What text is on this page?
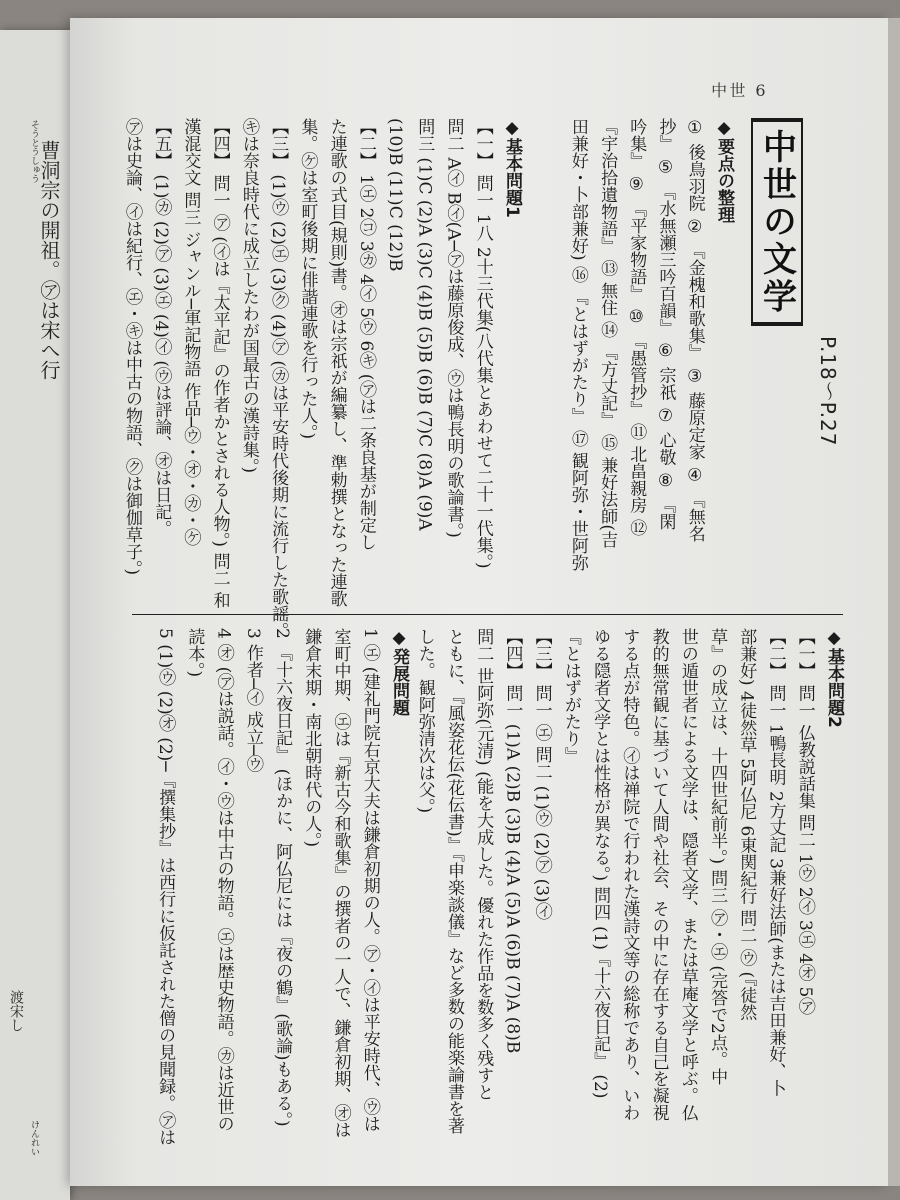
曹洞宗の開祖。㋐は宋へ行
渡宋し
そうとうしゅう
けんれい
中世 6
中世の文学
P.18〜P.27
◆要点の整理
① 後鳥羽院 ② 『金槐和歌集』 ③ 藤原定家 ④ 『無名
抄』 ⑤ 『水無瀬三吟百韻』 ⑥ 宗祇 ⑦ 心敬 ⑧ 『閑
吟集』 ⑨ 『平家物語』 ⑩ 『愚管抄』 ⑪ 北畠親房 ⑫
『宇治拾遺物語』 ⑬ 無住 ⑭ 『方丈記』 ⑮ 兼好法師(吉
田兼好・卜部兼好) ⑯ 『とはずがたり』 ⑰ 観阿弥・世阿弥
◆基本問題1
【一】 問一 1八 2十三代集(八代集とあわせて二十一代集。)
問二 A㋑ B㋑(A─㋐は藤原俊成、㋒は鴨長明の歌論書。)
問三 (1)C (2)A (3)C (4)B (5)B (6)B (7)C (8)A (9)A
(10)B (11)C (12)B
【二】 1㋓ 2㋙ 3㋕ 4㋑ 5㋒ 6㋖ (㋐は二条良基が制定し
た連歌の式目(規則)書。㋔は宗祇が編纂し、準勅撰となった連歌
集。㋘は室町後期に俳諧連歌を行った人。)
【三】 (1)㋒ (2)㋓ (3)㋗ (4)㋐ (㋕は平安時代後期に流行した歌謡。
㋖は奈良時代に成立したわが国最古の漢詩集。)
【四】 問一 ㋐ (㋑は『太平記』の作者かとされる人物。) 問二 和
漢混交文 問三 ジャンル─軍記物語 作品─㋒・㋔・㋕・㋘
【五】 (1)㋕ (2)㋐ (3)㋓ (4)㋑ (㋒は評論、㋔は日記。
㋐は史論、㋑は紀行、㋓・㋖は中古の物語、㋗は御伽草子。)
◆基本問題2
【一】 問一 仏教説話集 問二 1㋒ 2㋑ 3㋓ 4㋔ 5㋐
【二】 問一 1鴨長明 2方丈記 3兼好法師(または吉田兼好、卜
部兼好) 4徒然草 5阿仏尼 6東関紀行 問二 ㋒ (『徒然
草』の成立は、十四世紀前半。) 問三 ㋐・㋓ (完答で2点。中
世の遁世者による文学は、隠者文学、または草庵文学と呼ぶ。仏
教的無常観に基づいて人間や社会、その中に存在する自己を凝視
する点が特色。㋑は禅院で行われた漢詩文等の総称であり、いわ
ゆる隠者文学とは性格が異なる。) 問四 (1)『十六夜日記』 (2)
『とはずがたり』
【三】 問一 ㋓ 問二 (1)㋒ (2)㋐ (3)㋑
【四】 問一 (1)A (2)B (3)B (4)A (5)A (6)B (7)A (8)B
問二 世阿弥(元清) (能を大成した。優れた作品を数多く残すと
ともに、『風姿花伝(花伝書)』『申楽談儀』など多数の能楽論書を著
した。観阿弥清次は父。)
◆発展問題
1 ㋓ (建礼門院右京大夫は鎌倉初期の人。㋐・㋑は平安時代、㋒は
室町中期、㋓は『新古今和歌集』の撰者の一人で、鎌倉初期、㋔は
鎌倉末期・南北朝時代の人。)
2 『十六夜日記』 (ほかに、阿仏尼には『夜の鶴』(歌論)もある。)
3 作者─㋑ 成立─㋒
4 ㋔ (㋐は説話。㋑・㋒は中古の物語。㋓は歴史物語。㋕は近世の
読本。)
5 (1)㋒ (2)㋔ (2)─『撰集抄』は西行に仮託された僧の見聞録。㋐は
